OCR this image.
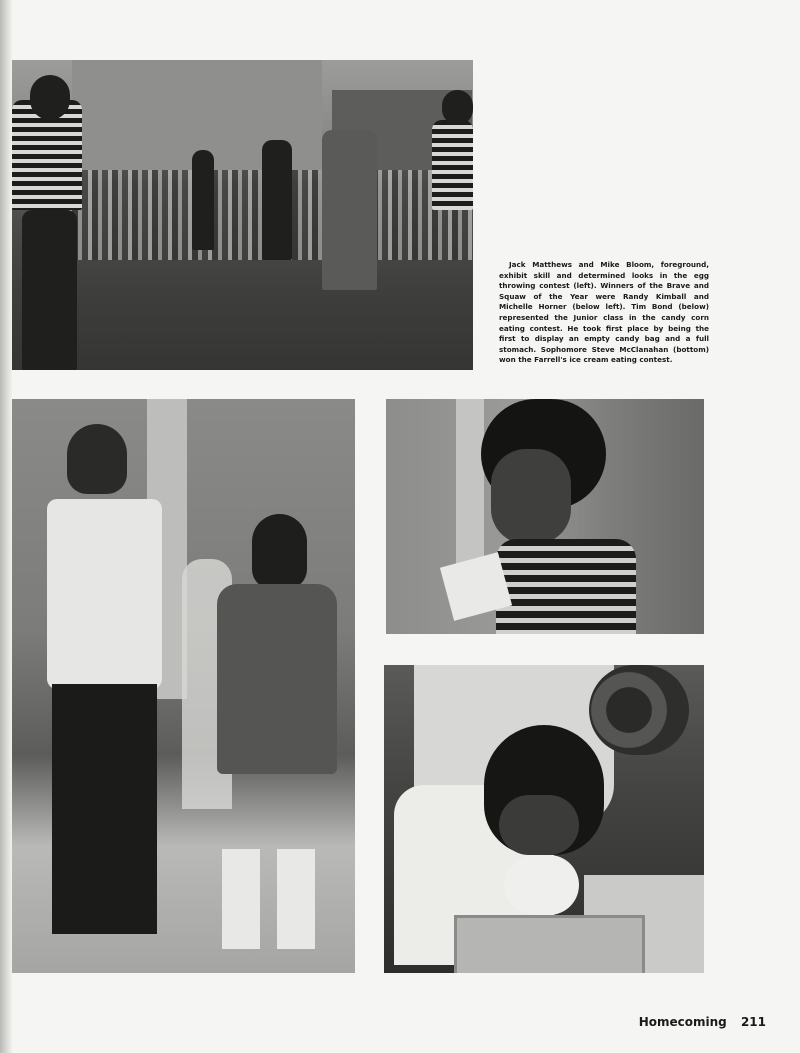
Jack Matthews and Mike Bloom, foreground, exhibit skill and determined looks in the egg throwing contest (left). Winners of the Brave and Squaw of the Year were Randy Kimball and Michelle Horner (below left). Tim Bond (below) represented the Junior class in the candy corn eating contest. He took first place by being the first to display an empty candy bag and a full stomach. Sophomore Steve McClanahan (bottom) won the Farrell's ice cream eating contest.
Homecoming 211
